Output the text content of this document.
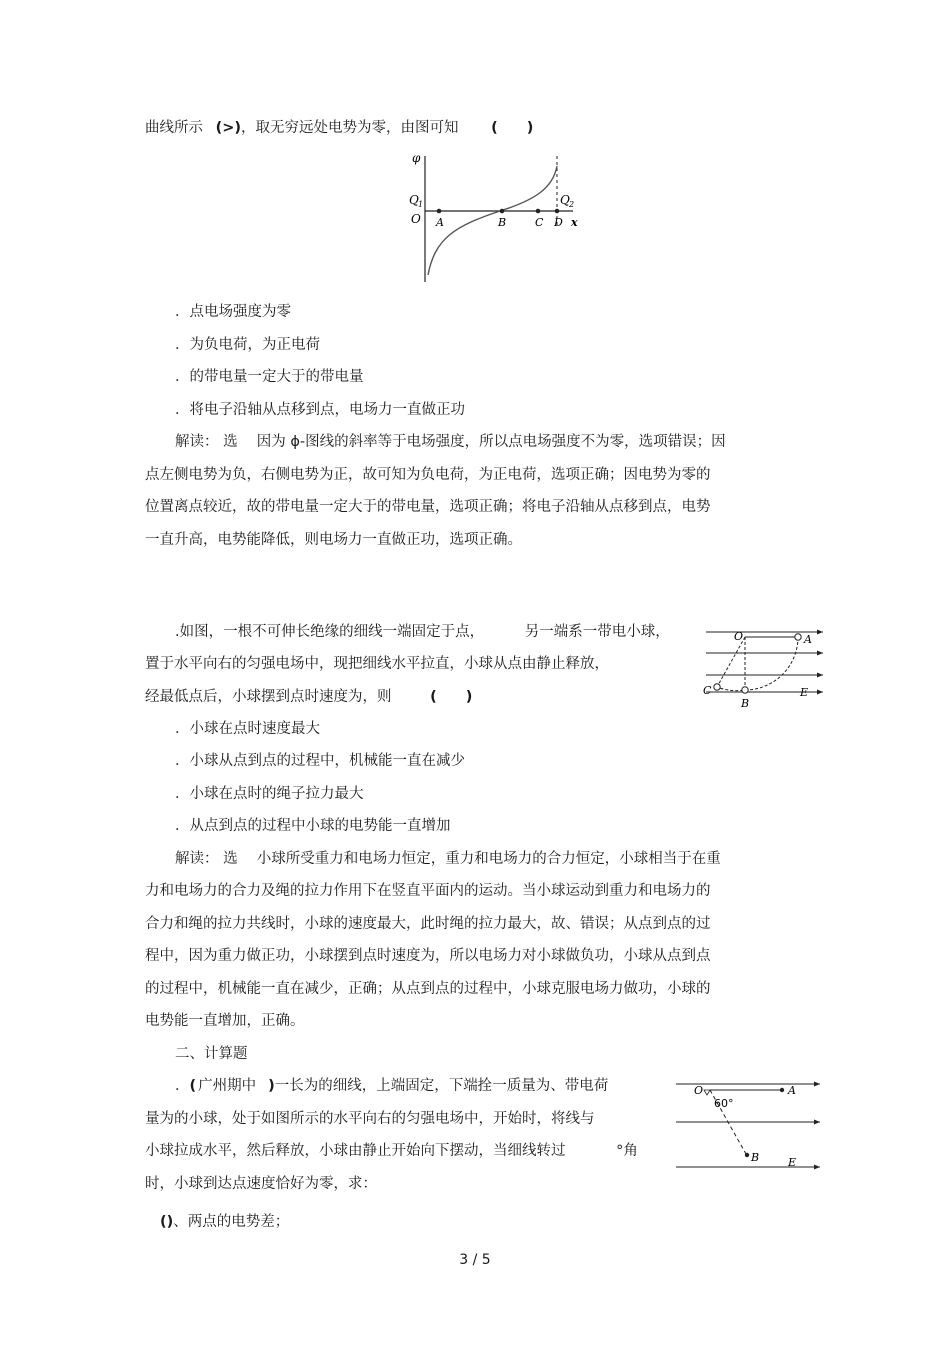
曲线所示 (>)，取无穷远处电势为零，由图可知 (　　)
φ
Q 1
O A	B	C D
Q 2
x
．点电场强度为零
．为负电荷，为正电荷
．的带电量一定大于的带电量
．将电子沿轴从点移到点，电场力一直做正功
解读： 选　 因为 ϕ-图线的斜率等于电场强度，所以点电场强度不为零，选项错误；因
点左侧电势为负，右侧电势为正，故可知为负电荷，为正电荷，选项正确；因电势为零的
位置离点较近，故的带电量一定大于的带电量，选项正确；将电子沿轴从点移到点，电势
一直升高，电势能降低，则电场力一直做正功，选项正确。
.如图，一根不可伸长绝缘的细线一端固定于点，	另一端系一带电小球，
置于水平向右的匀强电场中，现把细线水平拉直，小球从点由静止释放，
经最低点后，小球摆到点时速度为，则	(　　)
O	A
C
B
E
．小球在点时速度最大
．小球从点到点的过程中，机械能一直在减少
．小球在点时的绳子拉力最大
．从点到点的过程中小球的电势能一直增加
解读： 选　 小球所受重力和电场力恒定，重力和电场力的合力恒定，小球相当于在重
力和电场力的合力及绳的拉力作用下在竖直平面内的运动。当小球运动到重力和电场力的
合力和绳的拉力共线时，小球的速度最大，此时绳的拉力最大，故、错误；从点到点的过
程中，因为重力做正功，小球摆到点时速度为，所以电场力对小球做负功，小球从点到点
的过程中，机械能一直在减少，正确；从点到点的过程中，小球克服电场力做功，小球的
电势能一直增加，正确。
二、计算题
．( 广州期中 )一长为的细线，上端固定，下端拴一质量为、带电荷
量为的小球，处于如图所示的水平向右的匀强电场中，开始时，将线与
小球拉成水平，然后释放，小球由静止开始向下摆动，当细线转过	°角
时，小球到达点速度恰好为零，求：
O
60°
A
B	E
()、两点的电势差；
3 / 5
